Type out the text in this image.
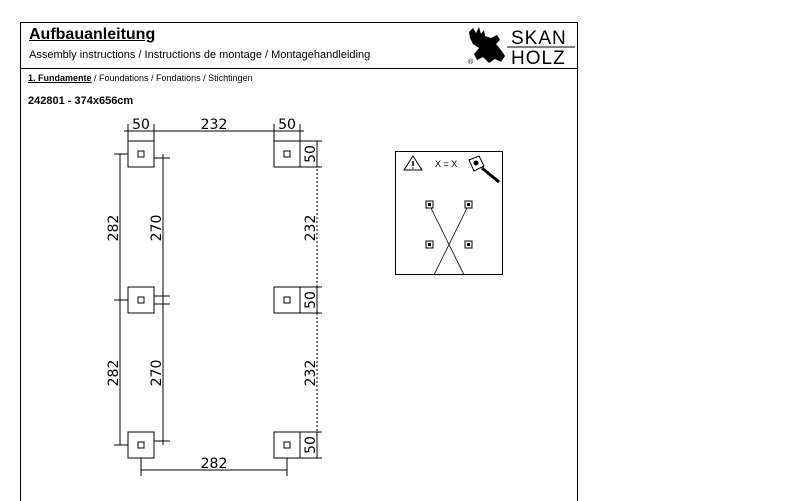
Aufbauanleitung
Assembly instructions / Instructions de montage / Montagehandleiding
®
SKAN
HOLZ
1. Fundamente / Foundations / Fondations / Stichtingen
242801 - 374x656cm
50	232	50
282
282
282
270
270
50
232
50
232
50
X = X
